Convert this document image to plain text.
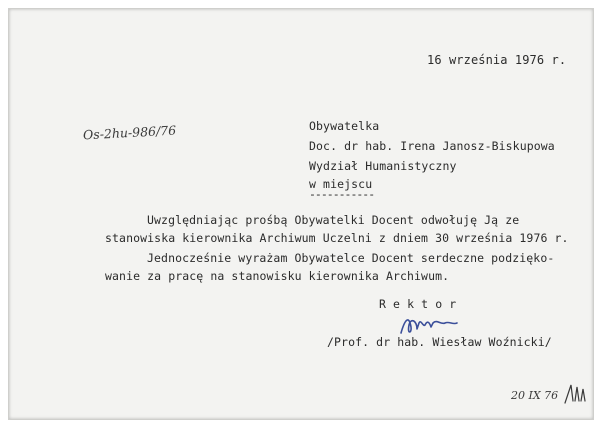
16 września 1976 r.
Os-2hu-986/76	Obywatelka
Doc. dr hab. Irena Janosz-Biskupowa
Wydział Humanistyczny
w miejscu
-----------
Uwzględniając prośbą Obywatelki Docent odwołuję Ją ze
stanowiska kierownika Archiwum Uczelni z dniem 30 września 1976 r.
Jednocześnie wyrażam Obywatelce Docent serdeczne podzięko-
wanie za pracę na stanowisku kierownika Archiwum.
R e k t o r
/Prof. dr hab. Wiesław Woźnicki/
20 IX 76
